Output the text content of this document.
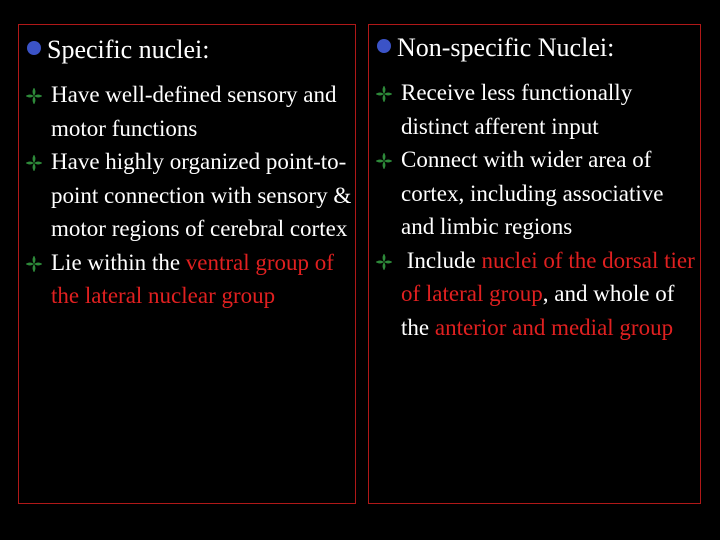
Specific nuclei:
Have well-defined sensory and motor functions
Have highly organized point-to-point connection with sensory & motor regions of cerebral cortex
Lie within the ventral group of the lateral nuclear group
Non-specific Nuclei:
Receive less functionally distinct afferent input
Connect with wider area of cortex, including associative and limbic regions
Include nuclei of the dorsal tier of lateral group, and whole of the anterior and medial group
